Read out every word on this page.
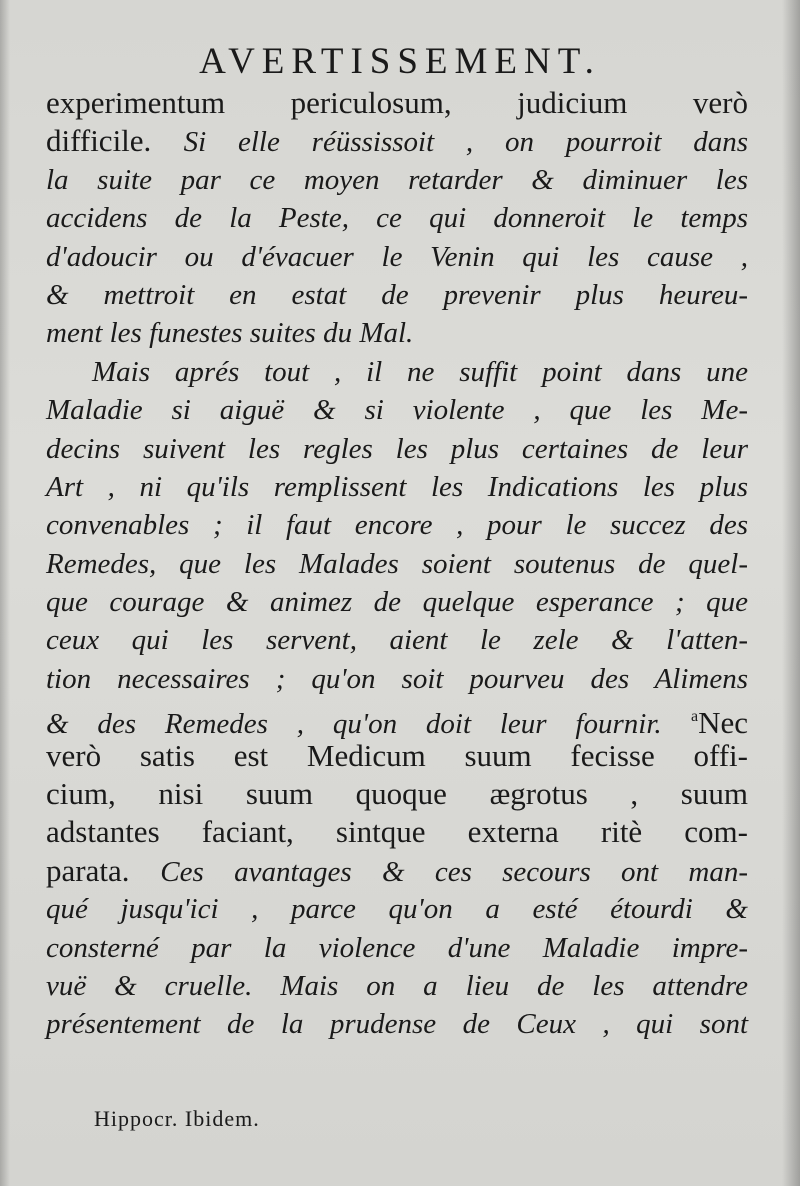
AVERTISSEMENT.
experimentum periculosum, judicium verò
difficile. Si elle réüssissoit , on pourroit dans
la suite par ce moyen retarder & diminuer les
accidens de la Peste, ce qui donneroit le temps
d'adoucir ou d'évacuer le Venin qui les cause ,
& mettroit en estat de prevenir plus heureu-
ment les funestes suites du Mal.
Mais aprés tout , il ne suffit point dans une
Maladie si aiguë & si violente , que les Me-
decins suivent les regles les plus certaines de leur
Art , ni qu'ils remplissent les Indications les plus
convenables ; il faut encore , pour le succez des
Remedes, que les Malades soient soutenus de quel-
que courage & animez de quelque esperance ; que
ceux qui les servent, aient le zele & l'atten-
tion necessaires ; qu'on soit pourveu des Alimens
& des Remedes , qu'on doit leur fournir. $^a$Nec
verò satis est Medicum suum fecisse offi-
cium, nisi suum quoque ægrotus , suum
adstantes faciant, sintque externa ritè com-
parata. Ces avantages & ces secours ont man-
qué jusqu'ici , parce qu'on a esté étourdi &
consterné par la violence d'une Maladie impre-
vuë & cruelle. Mais on a lieu de les attendre
présentement de la prudense de Ceux , qui sont
Hippocr. Ibidem.
